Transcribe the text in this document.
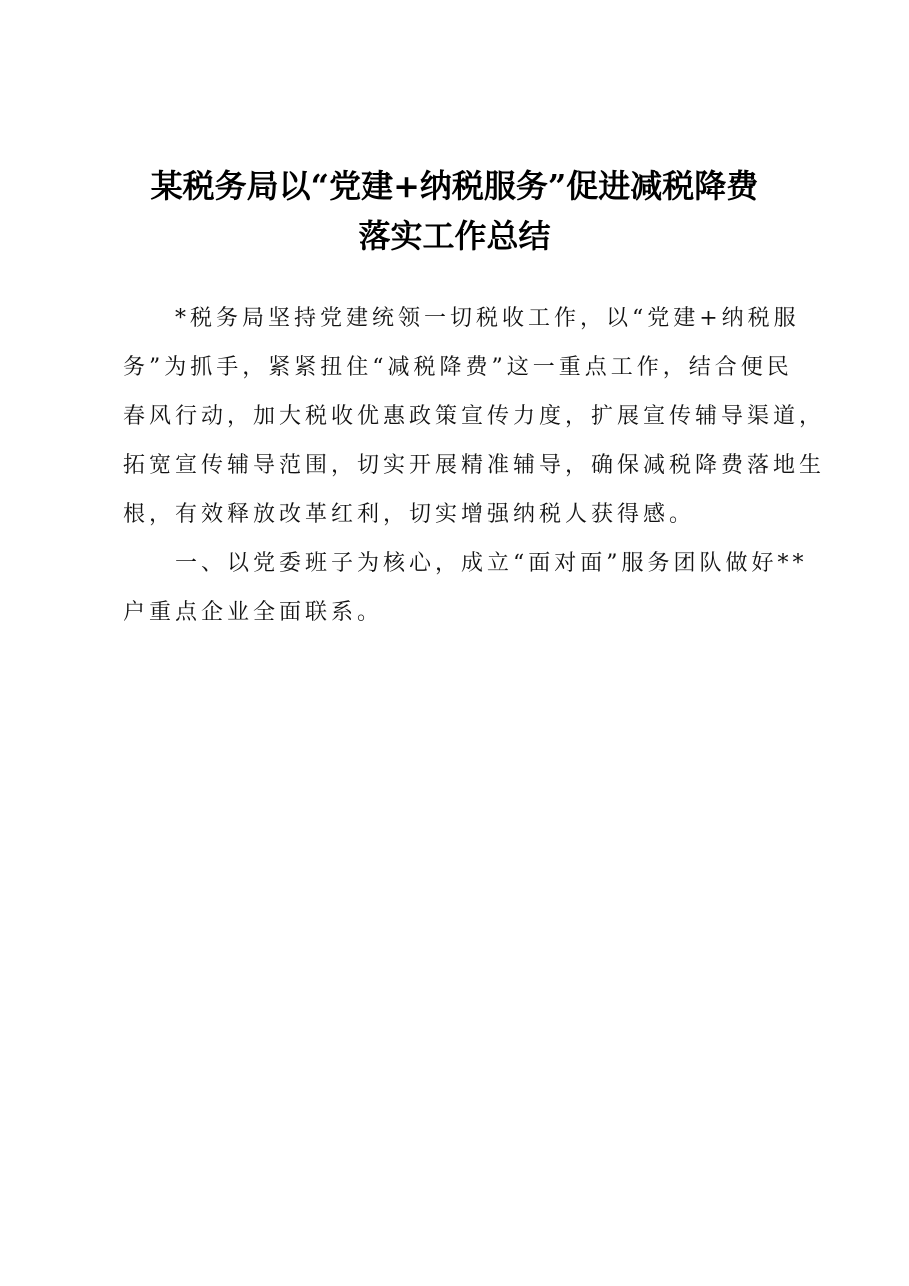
某税务局以“党建+纳税服务”促进减税降费
落实工作总结
　　*税务局坚持党建统领一切税收工作，以“党建+纳税服
务”为抓手，紧紧扭住“减税降费”这一重点工作，结合便民
春风行动，加大税收优惠政策宣传力度，扩展宣传辅导渠道，
拓宽宣传辅导范围，切实开展精准辅导，确保减税降费落地生
根，有效释放改革红利，切实增强纳税人获得感。
　　一、以党委班子为核心，成立“面对面”服务团队做好**
户重点企业全面联系。
